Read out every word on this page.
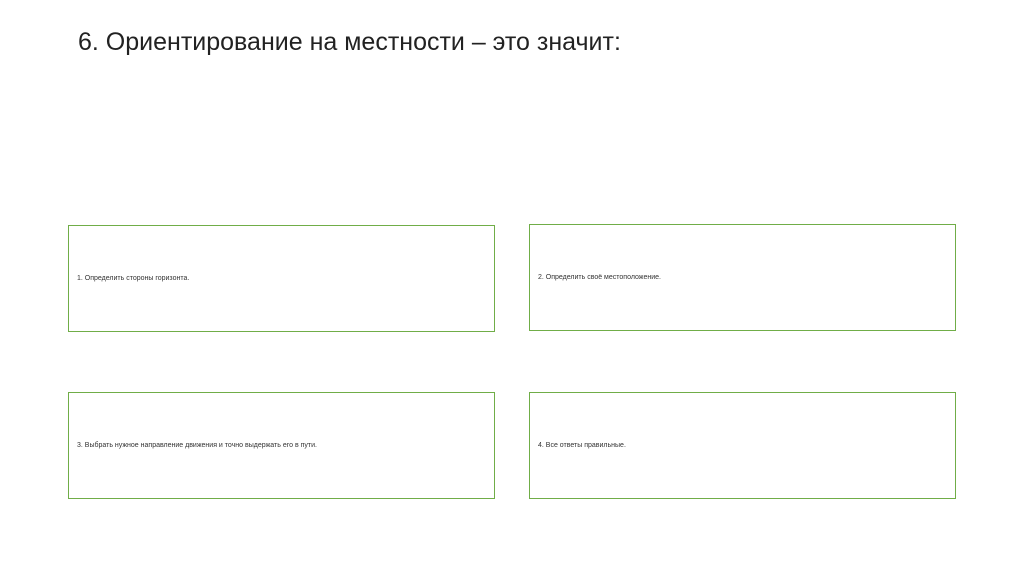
6. Ориентирование на местности – это значит:
1. Определить стороны горизонта.	2. Определить своё местоположение.
3. Выбрать нужное направление движения и точно выдержать его в пути.	4. Все ответы правильные.
